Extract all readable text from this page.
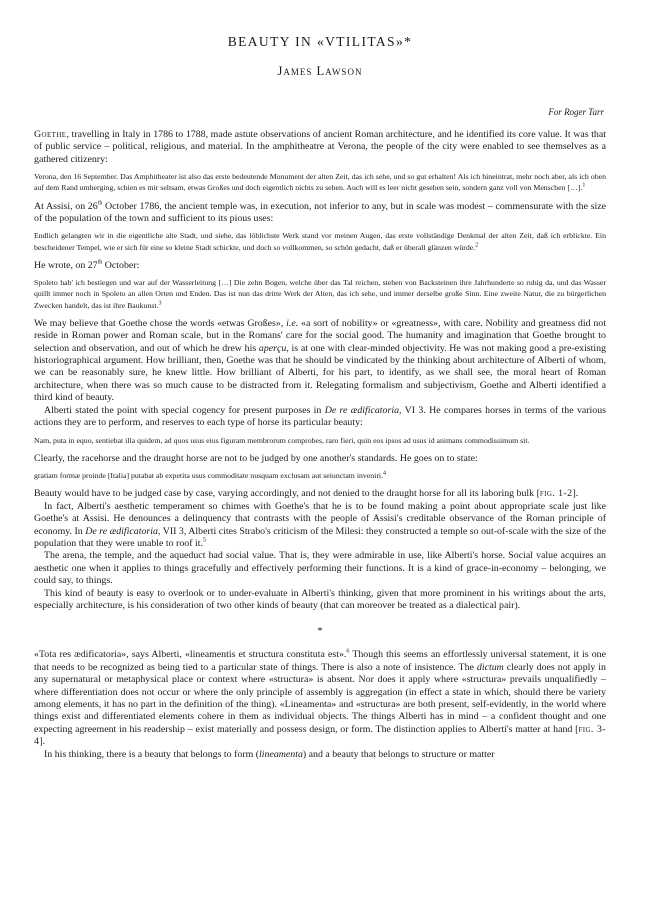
BEAUTY IN «VTILITAS»*
James Lawson
For Roger Tarr

Goethe, travelling in Italy in 1786 to 1788, made astute observations of ancient Roman architecture, and he identified its core value. It was that of public service – political, religious, and material. In the amphitheatre at Verona, the people of the city were enabled to see themselves as a gathered citizenry:

Verona, den 16 September. Das Amphitheater ist also das erste bedeutende Monument der alten Zeit, das ich sehe, und so gut erhalten! Als ich hineintrat, mehr noch aber, als ich oben auf dem Rand umherging, schien es mir seltsam, etwas Großes und doch eigentlich nichts zu sehen. Auch will es leer nicht gesehen sein, sondern ganz voll von Menschen […].$^1$

At Assisi, on 26th October 1786, the ancient temple was, in execution, not inferior to any, but in scale was modest – commensurate with the size of the population of the town and sufficient to its pious uses:

Endlich gelangten wir in die eigentliche alte Stadt, und siehe, das löblichste Werk stand vor meinen Augen, das erste vollständige Denkmal der alten Zeit, daß ich erblickte. Ein bescheidener Tempel, wie er sich für eine so kleine Stadt schickte, und doch so vollkommen, so schön gedacht, daß er überall glänzen würde.$^2$

He wrote, on 27th October:

Spoleto hab' ich bestiegen und war auf der Wasserleitung […] Die zehn Bogen, welche über das Tal reichen, stehen von Backsteinen ihre Jahrhunderte so ruhig da, und das Wasser quillt immer noch in Spoleto an allen Orten und Enden. Das ist nun das dritte Werk der Alten, das ich sehe, und immer derselbe große Sinn. Eine zweite Natur, die zu bürgerlichen Zwecken handelt, das ist ihre Baukunst.$^3$

We may believe that Goethe chose the words «etwas Großes», i.e. «a sort of nobility» or «greatness», with care. Nobility and greatness did not reside in Roman power and Roman scale, but in the Romans' care for the social good. The humanity and imagination that Goethe brought to selection and observation, and out of which he drew his aperçu, is at one with clear-minded objectivity. He was not making good a pre-existing historiographical argument. How brilliant, then, Goethe was that he should be vindicated by the thinking about architecture of Alberti of whom, we can be reasonably sure, he knew little. How brilliant of Alberti, for his part, to identify, as we shall see, the moral heart of Roman architecture, when there was so much cause to be distracted from it. Relegating formalism and subjectivism, Goethe and Alberti identified a third kind of beauty.

Alberti stated the point with special cogency for present purposes in De re ædificatoria, VI 3. He compares horses in terms of the various actions they are to perform, and reserves to each type of horse its particular beauty:

Nam, puta in equo, sentiebat illa quidem, ad quos usus eius figuram membrorum comprobes, raro fieri, quin eos ipsos ad usus id animans commodissimum sit.

Clearly, the racehorse and the draught horse are not to be judged by one another's standards. He goes on to state:

gratiam formæ proinde [Italia] putabat ab expetita usus commoditate nusquam exclusam aut seiunctam inveniri.$^4$

Beauty would have to be judged case by case, varying accordingly, and not denied to the draught horse for all its laboring bulk [fig. 1-2].

In fact, Alberti's aesthetic temperament so chimes with Goethe's that he is to be found making a point about appropriate scale just like Goethe's at Assisi. He denounces a delinquency that contrasts with the people of Assisi's creditable observance of the Roman principle of economy. In De re ædificatoria, VII 3, Alberti cites Strabo's criticism of the Milesi: they constructed a temple so out-of-scale with the size of the population that they were unable to roof it.$^5$

The arena, the temple, and the aqueduct had social value. That is, they were admirable in use, like Alberti's horse. Social value acquires an aesthetic one when it applies to things gracefully and effectively performing their functions. It is a kind of grace-in-economy – belonging, we could say, to things.

This kind of beauty is easy to overlook or to under-evaluate in Alberti's thinking, given that more prominent in his writings about the arts, especially architecture, is his consideration of two other kinds of beauty (that can moreover be treated as a dialectical pair).

*

«Tota res ædificatoria», says Alberti, «lineamentis et structura constituta est».$^6$ Though this seems an effortlessly universal statement, it is one that needs to be recognized as being tied to a particular state of things. There is also a note of insistence. The dictum clearly does not apply in any supernatural or metaphysical place or context where «structura» is absent. Nor does it apply where «structura» prevails unqualifiedly – where differentiation does not occur or where the only principle of assembly is aggregation (in effect a state in which, should there be variety among elements, it has no part in the definition of the thing). «Lineamenta» and «structura» are both present, self-evidently, in the world where things exist and differentiated elements cohere in them as individual objects. The things Alberti has in mind – a confident thought and one expecting agreement in his readership – exist materially and possess design, or form. The distinction applies to Alberti's matter at hand [fig. 3-4].

In his thinking, there is a beauty that belongs to form (lineamenta) and a beauty that belongs to structure or matter
